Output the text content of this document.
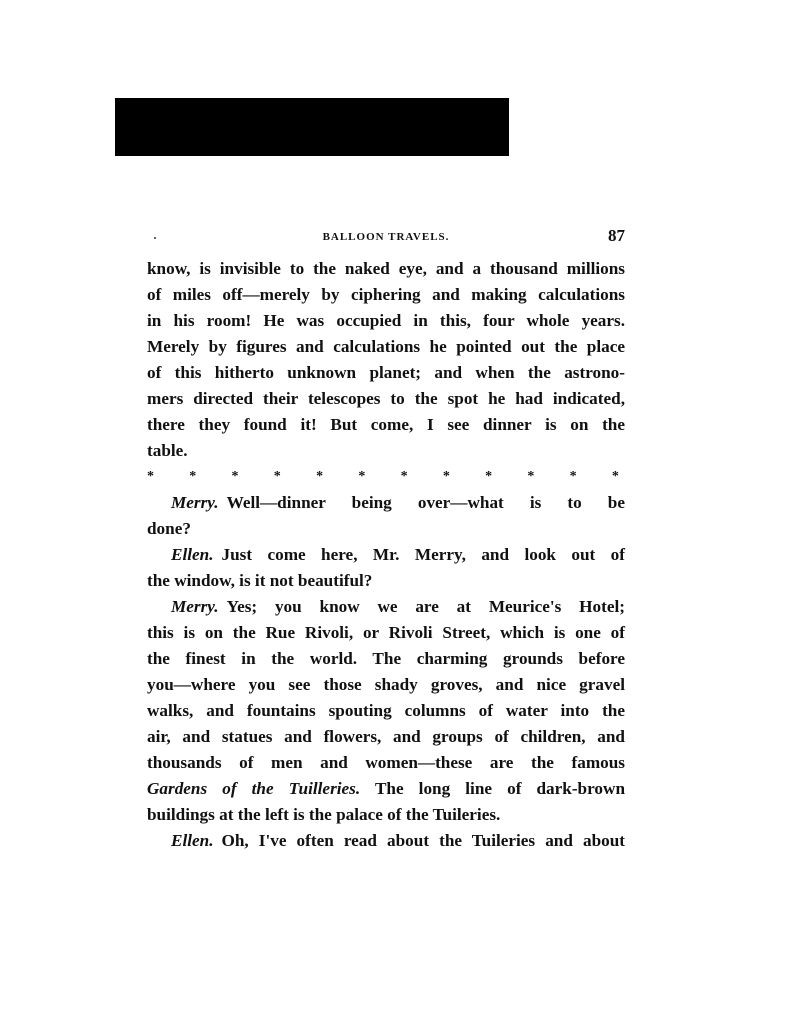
BALLOON TRAVELS.	87
know, is invisible to the naked eye, and a thousand millions
of miles off—merely by ciphering and making calculations
in his room! He was occupied in this, four whole years.
Merely by figures and calculations he pointed out the place
of this hitherto unknown planet; and when the astrono-
mers directed their telescopes to the spot he had indicated,
there they found it! But come, I see dinner is on the
table.
*	*	*	*	*	*	*	*	*	*	*	*
Merry. Well—dinner being over—what is to be
done?
Ellen. Just come here, Mr. Merry, and look out of
the window, is it not beautiful?
Merry. Yes; you know we are at Meurice's Hotel;
this is on the Rue Rivoli, or Rivoli Street, which is one of
the finest in the world. The charming grounds before
you—where you see those shady groves, and nice gravel
walks, and fountains spouting columns of water into the
air, and statues and flowers, and groups of children, and
thousands of men and women—these are the famous
Gardens of the Tuilleries. The long line of dark-brown
buildings at the left is the palace of the Tuileries.
Ellen. Oh, I've often read about the Tuileries and about
